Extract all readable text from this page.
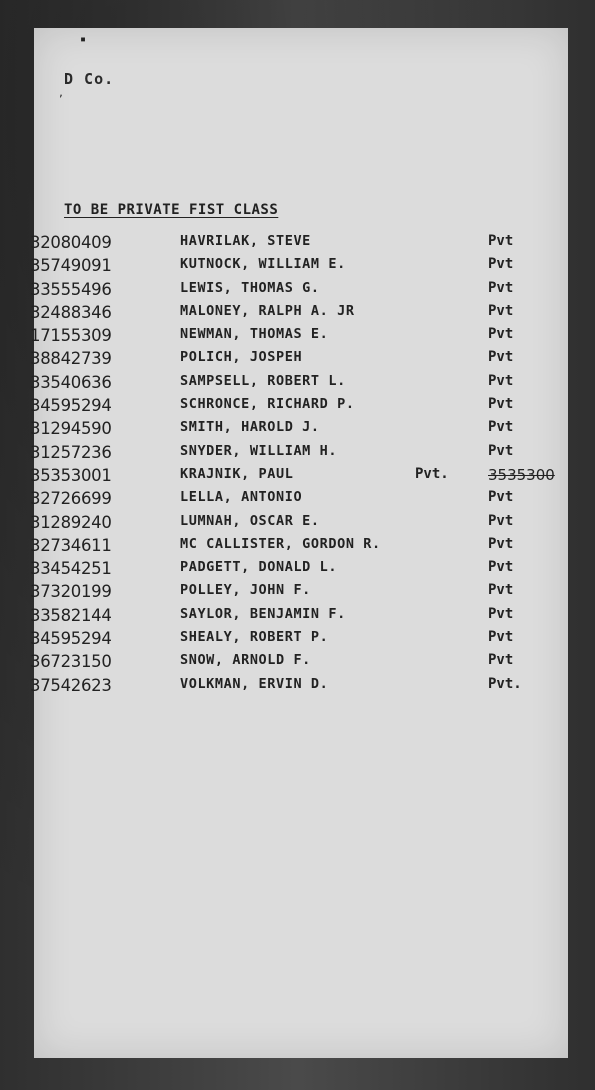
▪
,
D Co.
TO BE PRIVATE FIST CLASS
32080409	HAVRILAK, STEVE	Pvt
35749091	KUTNOCK, WILLIAM E.	Pvt
33555496	LEWIS, THOMAS G.	Pvt
32488346	MALONEY, RALPH A. JR	Pvt
17155309	NEWMAN, THOMAS E.	Pvt
38842739	POLICH, JOSPEH	Pvt
33540636	SAMPSELL, ROBERT L.	Pvt
34595294	SCHRONCE, RICHARD P.	Pvt
31294590	SMITH, HAROLD J.	Pvt
31257236	SNYDER, WILLIAM H.	Pvt
35353001	KRAJNIK, PAUL	Pvt.	3535300
32726699	LELLA, ANTONIO	Pvt
31289240	LUMNAH, OSCAR E.	Pvt
32734611	MC CALLISTER, GORDON R.	Pvt
33454251	PADGETT, DONALD L.	Pvt
37320199	POLLEY, JOHN F.	Pvt
33582144	SAYLOR, BENJAMIN F.	Pvt
34595294	SHEALY, ROBERT P.	Pvt
36723150	SNOW, ARNOLD F.	Pvt
37542623	VOLKMAN, ERVIN D.	Pvt.
